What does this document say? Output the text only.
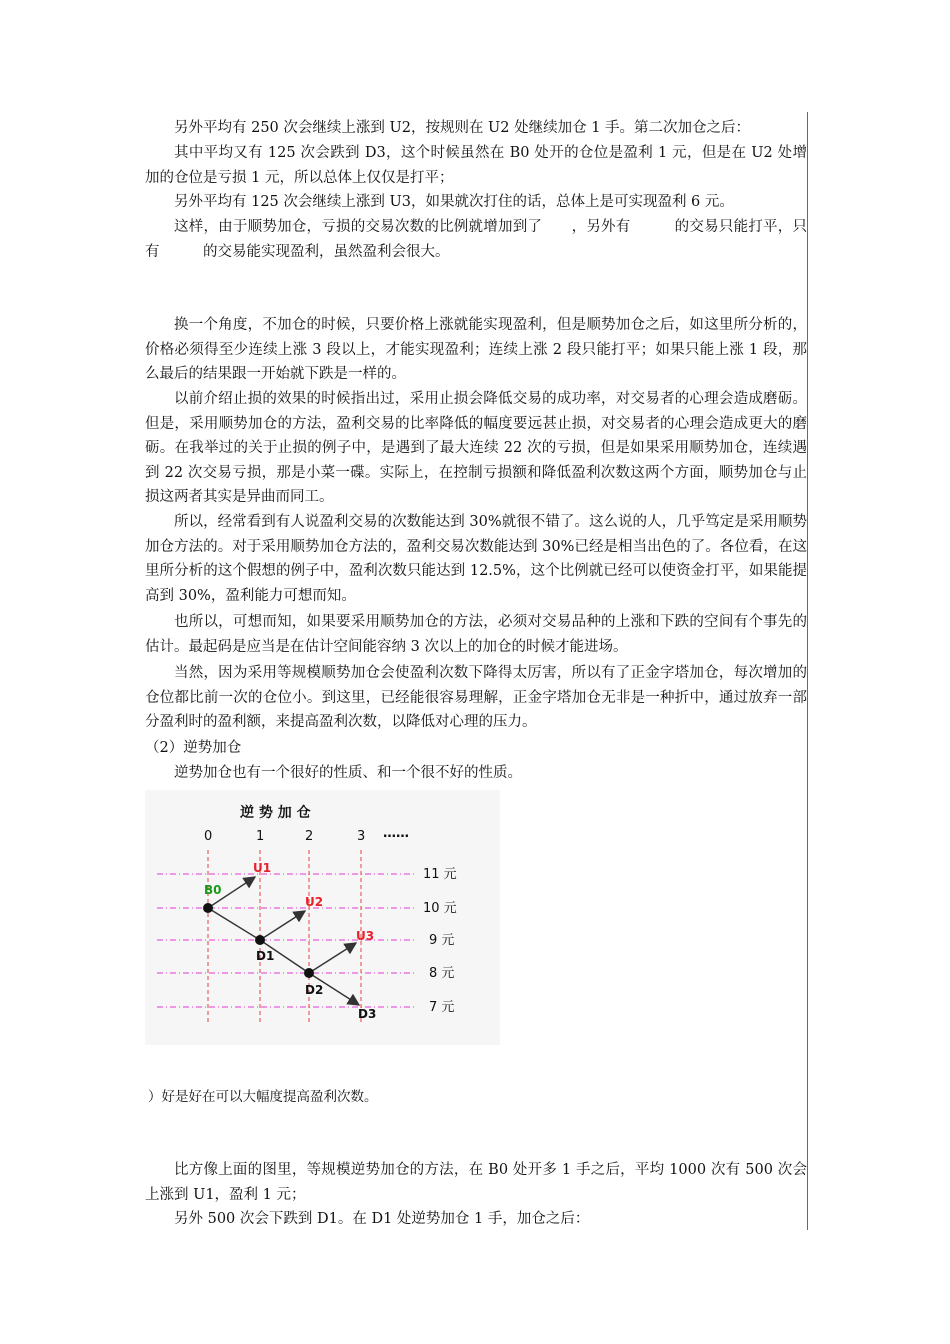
另外平均有 250 次会继续上涨到 U2，按规则在 U2 处继续加仓 1 手。第二次加仓之后：

其中平均又有 125 次会跌到 D3，这个时候虽然在 B0 处开的仓位是盈利 1 元，但是在 U2 处增加的仓位是亏损 1 元，所以总体上仅仅是打平；

另外平均有 125 次会继续上涨到 U3，如果就次打住的话，总体上是可实现盈利 6 元。

这样，由于顺势加仓，亏损的交易次数的比例就增加到了　　，另外有　　　的交易只能打平，只有　　　的交易能实现盈利，虽然盈利会很大。

换一个角度，不加仓的时候，只要价格上涨就能实现盈利，但是顺势加仓之后，如这里所分析的，价格必须得至少连续上涨 3 段以上，才能实现盈利；连续上涨 2 段只能打平；如果只能上涨 1 段，那么最后的结果跟一开始就下跌是一样的。

以前介绍止损的效果的时候指出过，采用止损会降低交易的成功率，对交易者的心理会造成磨砺。但是，采用顺势加仓的方法，盈利交易的比率降低的幅度要远甚止损，对交易者的心理会造成更大的磨砺。在我举过的关于止损的例子中，是遇到了最大连续 22 次的亏损，但是如果采用顺势加仓，连续遇到 22 次交易亏损，那是小菜一碟。实际上，在控制亏损额和降低盈利次数这两个方面，顺势加仓与止损这两者其实是异曲而同工。

所以，经常看到有人说盈利交易的次数能达到 30%就很不错了。这么说的人，几乎笃定是采用顺势加仓方法的。对于采用顺势加仓方法的，盈利交易次数能达到 30%已经是相当出色的了。各位看，在这里所分析的这个假想的例子中，盈利次数只能达到 12.5%，这个比例就已经可以使资金打平，如果能提高到 30%，盈利能力可想而知。

也所以，可想而知，如果要采用顺势加仓的方法，必须对交易品种的上涨和下跌的空间有个事先的估计。最起码是应当是在估计空间能容纳 3 次以上的加仓的时候才能进场。

当然，因为采用等规模顺势加仓会使盈利次数下降得太厉害，所以有了正金字塔加仓，每次增加的仓位都比前一次的仓位小。到这里，已经能很容易理解，正金字塔加仓无非是一种折中，通过放弃一部分盈利时的盈利额，来提高盈利次数，以降低对心理的压力。

（2）逆势加仓

逆势加仓也有一个很好的性质、和一个很不好的性质。

逆 势 加 仓
0	1	2	3 ……
11 元
10 元
9 元
8 元
7 元
B0
U1
U2
U3
D1
D2
D3

）好是好在可以大幅度提高盈利次数。

比方像上面的图里，等规模逆势加仓的方法，在 B0 处开多 1 手之后，平均 1000 次有 500 次会上涨到 U1，盈利 1 元；

另外 500 次会下跌到 D1。在 D1 处逆势加仓 1 手，加仓之后：
